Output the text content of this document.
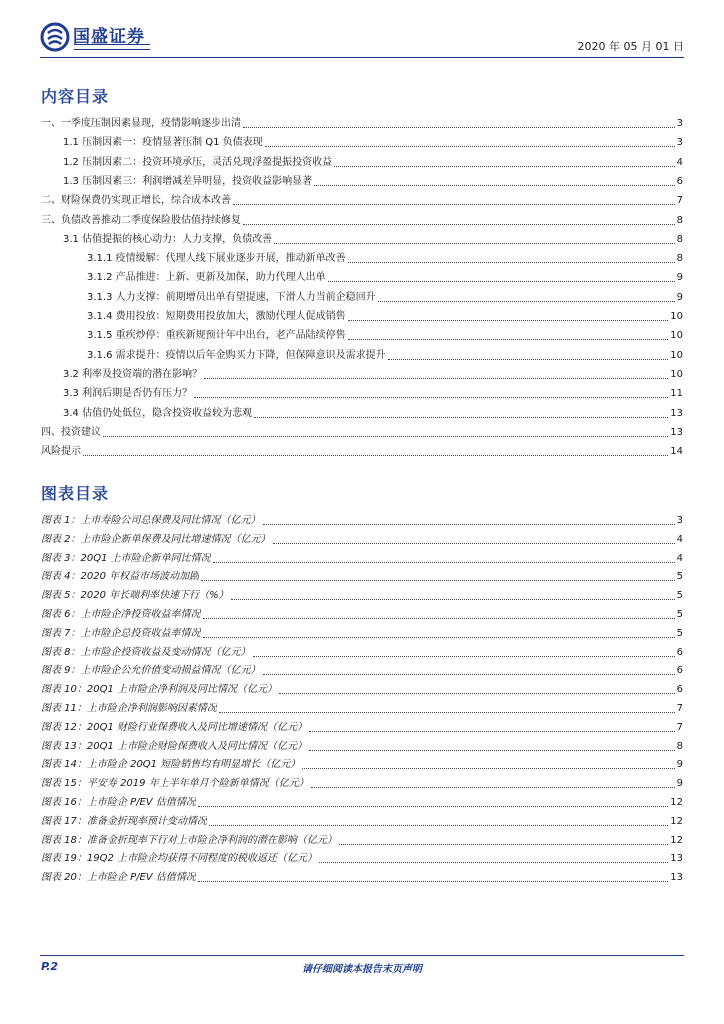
国盛证券	2020 年 05 月 01 日
内容目录
一、一季度压制因素显现，疫情影响逐步出清	3
1.1 压制因素一：疫情显著压制 Q1 负债表现	3
1.2 压制因素二：投资环境承压，灵活兑现浮盈提振投资收益	4
1.3 压制因素三：利润增减差异明显，投资收益影响显著	6
二、财险保费仍实现正增长，综合成本改善	7
三、负债改善推动二季度保险股估值持续修复	8
3.1 估值提振的核心动力：人力支撑，负债改善	8
3.1.1 疫情缓解：代理人线下展业逐步开展，推动新单改善	8
3.1.2 产品推进：上新、更新及加保，助力代理人出单	9
3.1.3 人力支撑：前期增员出单有望提速，下滑人力当前企稳回升	9
3.1.4 费用投放：短期费用投放加大，激励代理人促成销售	10
3.1.5 重疾炒停：重疾新规预计年中出台，老产品陆续停售	10
3.1.6 需求提升：疫情以后年金购买力下降，但保障意识及需求提升	10
3.2 利率及投资端的潜在影响？	10
3.3 利润后期是否仍有压力？	11
3.4 估值仍处低位，隐含投资收益较为悲观	13
四、投资建议	13
风险提示	14
图表目录
图表 1：上市寿险公司总保费及同比情况（亿元）	3
图表 2：上市险企新单保费及同比增速情况（亿元）	4
图表 3：20Q1 上市险企新单同比情况	4
图表 4：2020 年权益市场波动加剧	5
图表 5：2020 年长端利率快速下行（%）	5
图表 6：上市险企净投资收益率情况	5
图表 7：上市险企总投资收益率情况	5
图表 8：上市险企投资收益及变动情况（亿元）	6
图表 9：上市险企公允价值变动损益情况（亿元）	6
图表 10：20Q1 上市险企净利润及同比情况（亿元）	6
图表 11：上市险企净利润影响因素情况	7
图表 12：20Q1 财险行业保费收入及同比增速情况（亿元）	7
图表 13：20Q1 上市险企财险保费收入及同比情况（亿元）	8
图表 14：上市险企 20Q1 短险销售均有明显增长（亿元）	9
图表 15：平安寿 2019 年上半年单月个险新单情况（亿元）	9
图表 16：上市险企 P/EV 估值情况	12
图表 17：准备金折现率预计变动情况	12
图表 18：准备金折现率下行对上市险企净利润的潜在影响（亿元）	12
图表 19：19Q2 上市险企均获得不同程度的税收返还（亿元）	13
图表 20：上市险企 P/EV 估值情况	13
P.2	请仔细阅读本报告末页声明
